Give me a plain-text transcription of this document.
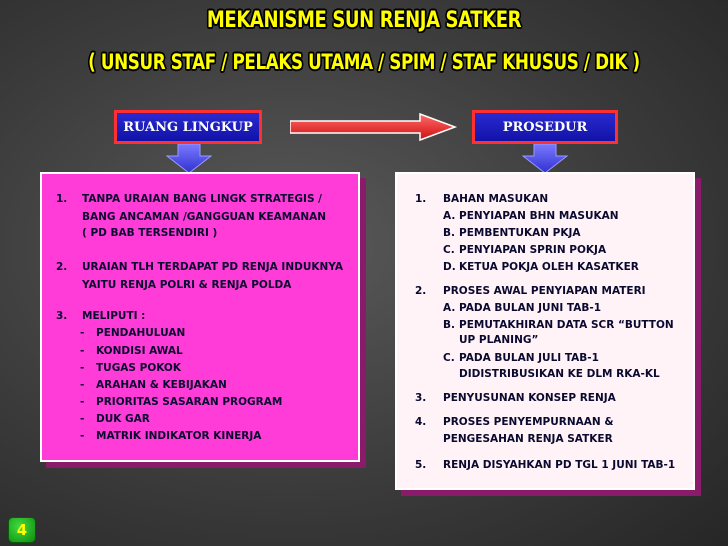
MEKANISME SUN RENJA SATKER
( UNSUR STAF / PELAKS UTAMA / SPIM / STAF KHUSUS / DIK )
RUANG LINGKUP	PROSEDUR
1. TANPA URAIAN BANG LINGK STRATEGIS /
BANG ANCAMAN /GANGGUAN KEAMANAN
( PD BAB TERSENDIRI )
2. URAIAN TLH TERDAPAT PD RENJA INDUKNYA
YAITU RENJA POLRI & RENJA POLDA
3. MELIPUTI :
- PENDAHULUAN
- KONDISI AWAL
- TUGAS POKOK
- ARAHAN & KEBIJAKAN
- PRIORITAS SASARAN PROGRAM
- DUK GAR
- MATRIK INDIKATOR KINERJA
1. BAHAN MASUKAN
A. PENYIAPAN BHN MASUKAN
B. PEMBENTUKAN PKJA
C. PENYIAPAN SPRIN POKJA
D. KETUA POKJA OLEH KASATKER
2. PROSES AWAL PENYIAPAN MATERI
A. PADA BULAN JUNI TAB-1
B. PEMUTAKHIRAN DATA SCR “BUTTON
UP PLANING”
C. PADA BULAN JULI TAB-1
DIDISTRIBUSIKAN KE DLM RKA-KL
3. PENYUSUNAN KONSEP RENJA
4. PROSES PENYEMPURNAAN &
PENGESAHAN RENJA SATKER
5. RENJA DISYAHKAN PD TGL 1 JUNI TAB-1
4
